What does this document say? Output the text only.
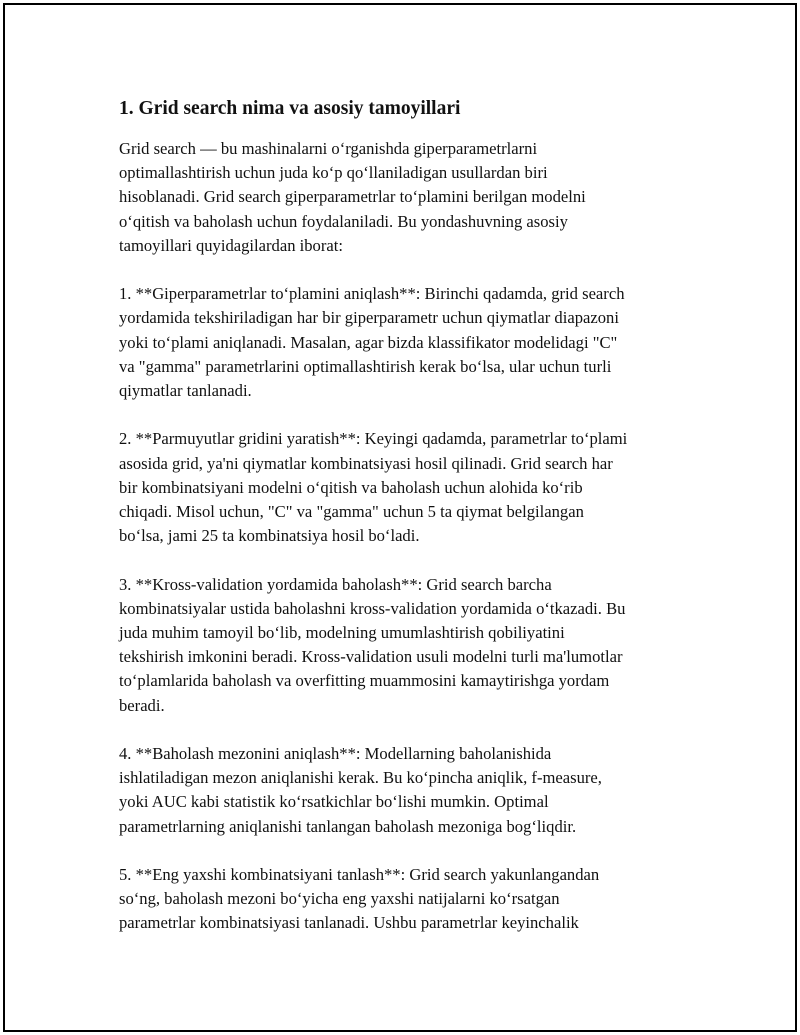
1. Grid search nima va asosiy tamoyillari

Grid search — bu mashinalarni o‘rganishda giperparametrlarni
optimallashtirish uchun juda ko‘p qo‘llaniladigan usullardan biri
hisoblanadi. Grid search giperparametrlar to‘plamini berilgan modelni
o‘qitish va baholash uchun foydalaniladi. Bu yondashuvning asosiy
tamoyillari quyidagilardan iborat:

1. **Giperparametrlar to‘plamini aniqlash**: Birinchi qadamda, grid search
yordamida tekshiriladigan har bir giperparametr uchun qiymatlar diapazoni
yoki to‘plami aniqlanadi. Masalan, agar bizda klassifikator modelidagi "C"
va "gamma" parametrlarini optimallashtirish kerak bo‘lsa, ular uchun turli
qiymatlar tanlanadi.

2. **Parmuyutlar gridini yaratish**: Keyingi qadamda, parametrlar to‘plami
asosida grid, ya'ni qiymatlar kombinatsiyasi hosil qilinadi. Grid search har
bir kombinatsiyani modelni o‘qitish va baholash uchun alohida ko‘rib
chiqadi. Misol uchun, "C" va "gamma" uchun 5 ta qiymat belgilangan
bo‘lsa, jami 25 ta kombinatsiya hosil bo‘ladi.

3. **Kross-validation yordamida baholash**: Grid search barcha
kombinatsiyalar ustida baholashni kross-validation yordamida o‘tkazadi. Bu
juda muhim tamoyil bo‘lib, modelning umumlashtirish qobiliyatini
tekshirish imkonini beradi. Kross-validation usuli modelni turli ma'lumotlar
to‘plamlarida baholash va overfitting muammosini kamaytirishga yordam
beradi.

4. **Baholash mezonini aniqlash**: Modellarning baholanishida
ishlatiladigan mezon aniqlanishi kerak. Bu ko‘pincha aniqlik, f-measure,
yoki AUC kabi statistik ko‘rsatkichlar bo‘lishi mumkin. Optimal
parametrlarning aniqlanishi tanlangan baholash mezoniga bog‘liqdir.

5. **Eng yaxshi kombinatsiyani tanlash**: Grid search yakunlangandan
so‘ng, baholash mezoni bo‘yicha eng yaxshi natijalarni ko‘rsatgan
parametrlar kombinatsiyasi tanlanadi. Ushbu parametrlar keyinchalik
